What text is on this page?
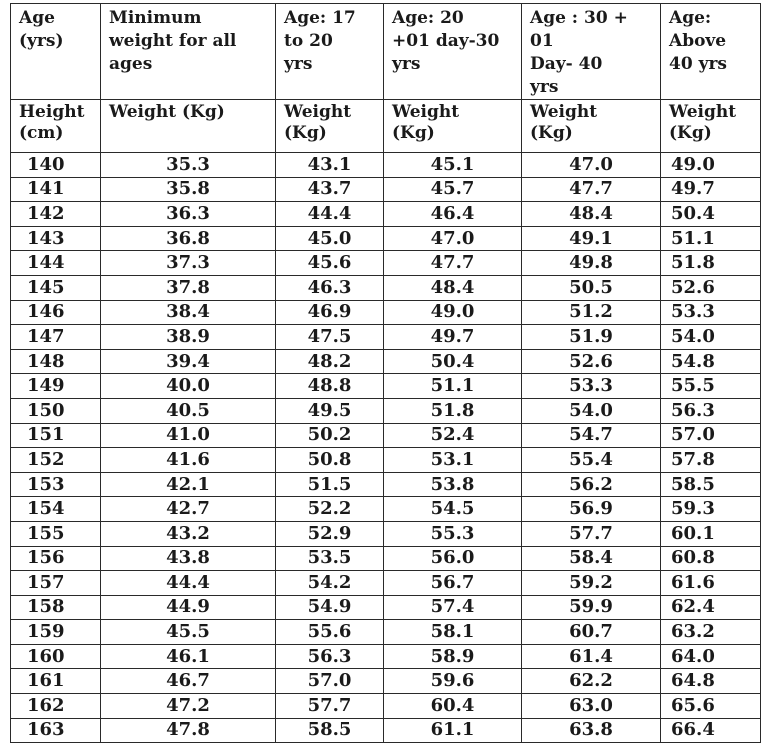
Age
(yrs)	Minimum
weight for all
ages	Age: 17
to 20
yrs	Age: 20
+01 day-30
yrs	Age : 30 +
01
Day- 40
yrs	Age:
Above
40 yrs
Height
(cm)	Weight (Kg)	Weight
(Kg)	Weight
(Kg)	Weight
(Kg)	Weight
(Kg)
140	35.3	43.1	45.1	47.0	49.0
141	35.8	43.7	45.7	47.7	49.7
142	36.3	44.4	46.4	48.4	50.4
143	36.8	45.0	47.0	49.1	51.1
144	37.3	45.6	47.7	49.8	51.8
145	37.8	46.3	48.4	50.5	52.6
146	38.4	46.9	49.0	51.2	53.3
147	38.9	47.5	49.7	51.9	54.0
148	39.4	48.2	50.4	52.6	54.8
149	40.0	48.8	51.1	53.3	55.5
150	40.5	49.5	51.8	54.0	56.3
151	41.0	50.2	52.4	54.7	57.0
152	41.6	50.8	53.1	55.4	57.8
153	42.1	51.5	53.8	56.2	58.5
154	42.7	52.2	54.5	56.9	59.3
155	43.2	52.9	55.3	57.7	60.1
156	43.8	53.5	56.0	58.4	60.8
157	44.4	54.2	56.7	59.2	61.6
158	44.9	54.9	57.4	59.9	62.4
159	45.5	55.6	58.1	60.7	63.2
160	46.1	56.3	58.9	61.4	64.0
161	46.7	57.0	59.6	62.2	64.8
162	47.2	57.7	60.4	63.0	65.6
163	47.8	58.5	61.1	63.8	66.4
